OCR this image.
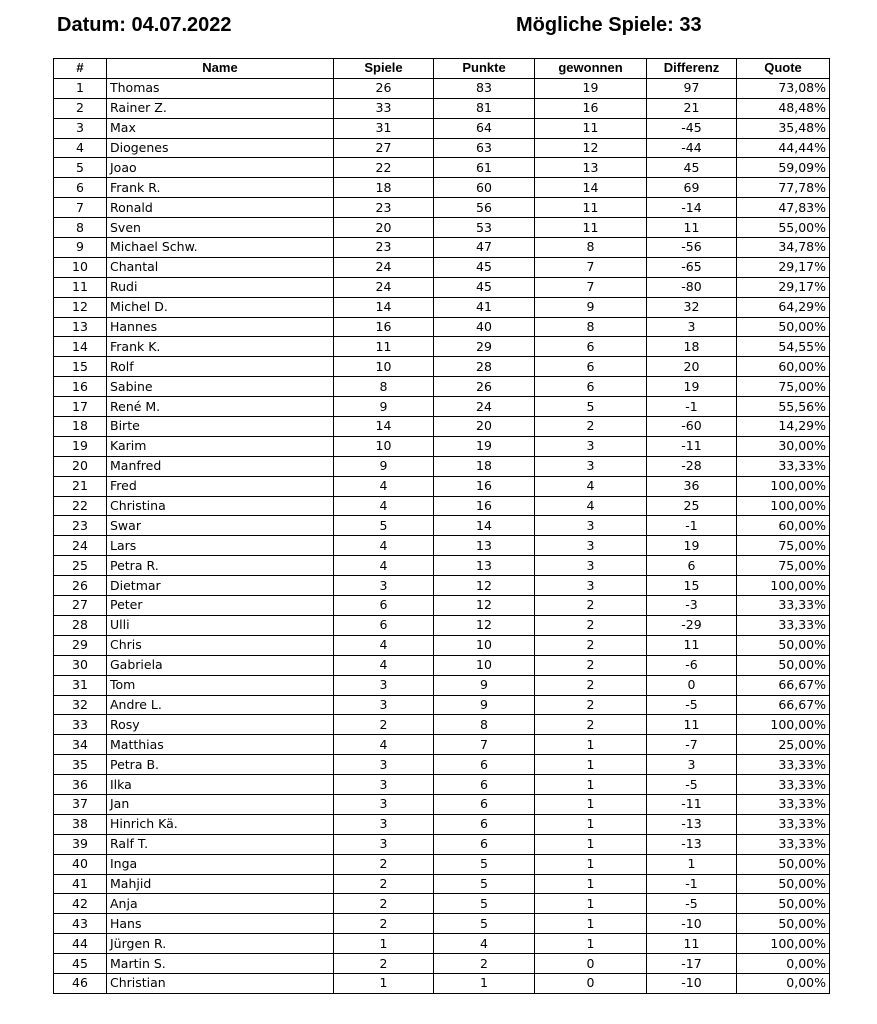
Datum: 04.07.2022	Mögliche Spiele: 33
#	Name	Spiele	Punkte	gewonnen	Differenz	Quote
1	Thomas	26	83	19	97	73,08%
2	Rainer Z.	33	81	16	21	48,48%
3	Max	31	64	11	-45	35,48%
4	Diogenes	27	63	12	-44	44,44%
5	Joao	22	61	13	45	59,09%
6	Frank R.	18	60	14	69	77,78%
7	Ronald	23	56	11	-14	47,83%
8	Sven	20	53	11	11	55,00%
9	Michael Schw.	23	47	8	-56	34,78%
10	Chantal	24	45	7	-65	29,17%
11	Rudi	24	45	7	-80	29,17%
12	Michel D.	14	41	9	32	64,29%
13	Hannes	16	40	8	3	50,00%
14	Frank K.	11	29	6	18	54,55%
15	Rolf	10	28	6	20	60,00%
16	Sabine	8	26	6	19	75,00%
17	René M.	9	24	5	-1	55,56%
18	Birte	14	20	2	-60	14,29%
19	Karim	10	19	3	-11	30,00%
20	Manfred	9	18	3	-28	33,33%
21	Fred	4	16	4	36	100,00%
22	Christina	4	16	4	25	100,00%
23	Swar	5	14	3	-1	60,00%
24	Lars	4	13	3	19	75,00%
25	Petra R.	4	13	3	6	75,00%
26	Dietmar	3	12	3	15	100,00%
27	Peter	6	12	2	-3	33,33%
28	Ulli	6	12	2	-29	33,33%
29	Chris	4	10	2	11	50,00%
30	Gabriela	4	10	2	-6	50,00%
31	Tom	3	9	2	0	66,67%
32	Andre L.	3	9	2	-5	66,67%
33	Rosy	2	8	2	11	100,00%
34	Matthias	4	7	1	-7	25,00%
35	Petra B.	3	6	1	3	33,33%
36	Ilka	3	6	1	-5	33,33%
37	Jan	3	6	1	-11	33,33%
38	Hinrich Kä.	3	6	1	-13	33,33%
39	Ralf T.	3	6	1	-13	33,33%
40	Inga	2	5	1	1	50,00%
41	Mahjid	2	5	1	-1	50,00%
42	Anja	2	5	1	-5	50,00%
43	Hans	2	5	1	-10	50,00%
44	Jürgen R.	1	4	1	11	100,00%
45	Martin S.	2	2	0	-17	0,00%
46	Christian	1	1	0	-10	0,00%
